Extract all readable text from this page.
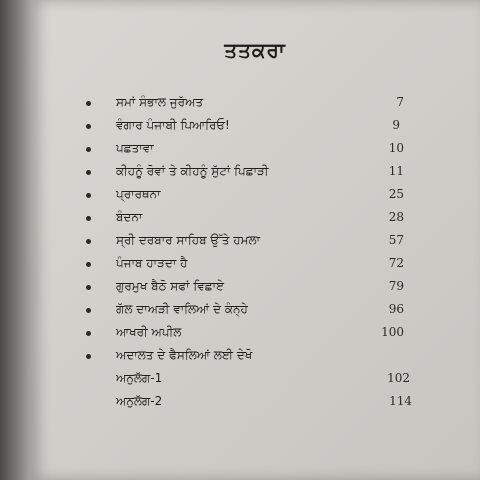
ਤਤਕਰਾ
ਸਮਾਂ ਸੰਭਾਲ ਜੁਰੱਅਤ	7
ਵੰਗਾਰ ਪੰਜਾਬੀ ਪਿਆਰਿਓ!	9
ਪਛਤਾਵਾ	10
ਕੀਹਨੂੰ ਰੋਵਾਂ ਤੇ ਕੀਹਨੂੰ ਸੁੱਟਾਂ ਪਿਛਾੜੀ	11
ਪ੍ਰਾਰਥਨਾ	25
ਬੰਦਨਾ	28
ਸ੍ਰੀ ਦਰਬਾਰ ਸਾਹਿਬ ਉੱਤੇ ਹਮਲਾ	57
ਪੰਜਾਬ ਹਾੜਦਾ ਹੈ	72
ਗੁਰਮੁਖ ਬੈਠੋ ਸਫਾਂ ਵਿਛਾਏ	79
ਗੱਲ ਦਾਅੜੀ ਵਾਲਿਆਂ ਦੇ ਕੰਨ੍ਹੇ	96
ਆਖਰੀ ਅਪੀਲ	100
ਅਦਾਲਤ ਦੇ ਫੈਸਲਿਆਂ ਲਈ ਦੇਖੋ
ਅਨੁਲੱਗ-1	102
ਅਨੁਲੱਗ-2	114
